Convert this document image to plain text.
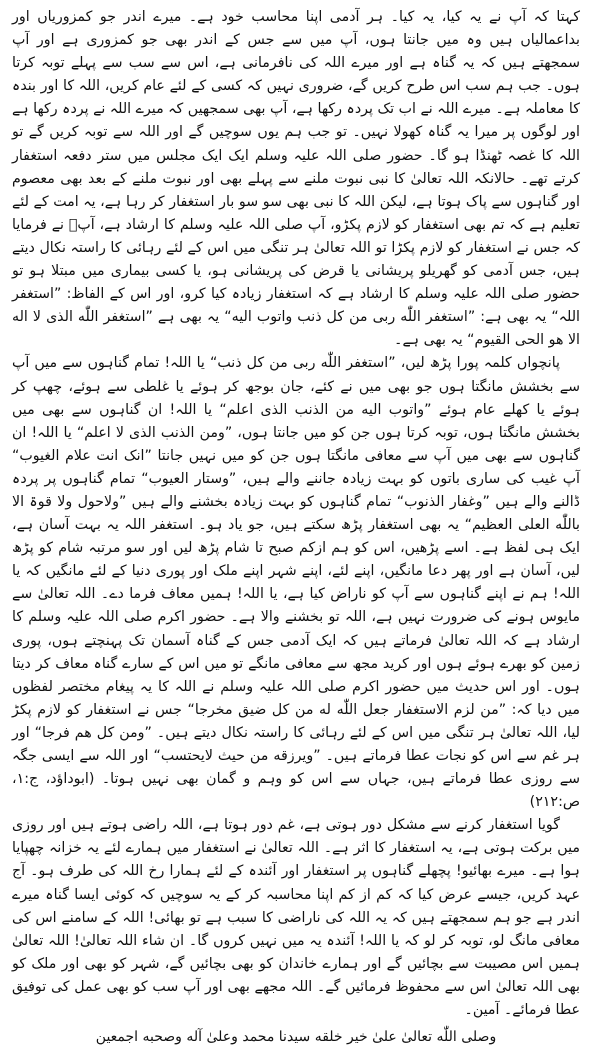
کہتا کہ آپ نے یہ کیا، یہ کیا۔ ہر آدمی اپنا محاسب خود ہے۔ میرے اندر جو کمزوریاں اور بداعمالیاں ہیں وہ میں جانتا ہوں، آپ میں سے جس کے اندر بھی جو کمزوری ہے اور آپ سمجھتے ہیں کہ یہ گناہ ہے اور میرے اللہ کی نافرمانی ہے، اس سے سب سے پہلے توبہ کرتا ہوں۔ جب ہم سب اس طرح کریں گے، ضروری نہیں کہ کسی کے لئے عام کریں، اللہ کا اور بندہ کا معاملہ ہے۔ میرے اللہ نے اب تک پردہ رکھا ہے، آپ بھی سمجھیں کہ میرے اللہ نے پردہ رکھا ہے اور لوگوں پر میرا یہ گناہ کھولا نہیں۔ تو جب ہم یوں سوچیں گے اور اللہ سے توبہ کریں گے تو اللہ کا غصہ ٹھنڈا ہو گا۔ حضور صلی اللہ علیہ وسلم ایک ایک مجلس میں ستر دفعہ استغفار کرتے تھے۔ حالانکہ اللہ تعالیٰ کا نبی نبوت ملنے سے پہلے بھی اور نبوت ملنے کے بعد بھی معصوم اور گناہوں سے پاک ہوتا ہے، لیکن اللہ کا نبی بھی سو سو بار استغفار کر رہا ہے، یہ امت کے لئے تعلیم ہے کہ تم بھی استغفار کو لازم پکڑو، آپ صلی اللہ علیہ وسلم کا ارشاد ہے، آپؐ نے فرمایا کہ جس نے استغفار کو لازم پکڑا تو اللہ تعالیٰ ہر تنگی میں اس کے لئے رہائی کا راستہ نکال دیتے ہیں، جس آدمی کو گھریلو پریشانی یا قرض کی پریشانی ہو، یا کسی بیماری میں مبتلا ہو تو حضور صلی اللہ علیہ وسلم کا ارشاد ہے کہ استغفار زیادہ کیا کرو، اور اس کے الفاظ: ”استغفر اللہ“ یہ بھی ہے: ”استغفر اللّٰه ربی من کل ذنب واتوب الیه“ یہ بھی ہے ”استغفر اللّٰه الذی لا اله الا هو الحی القیوم“ یہ بھی ہے۔

پانچواں کلمہ پورا پڑھ لیں، ”استغفر اللّٰه ربی من کل ذنب“ یا اللہ! تمام گناہوں سے میں آپ سے بخشش مانگتا ہوں جو بھی میں نے کئے، جان بوجھ کر ہوئے یا غلطی سے ہوئے، چھپ کر ہوئے یا کھلے عام ہوئے ”واتوب الیه من الذنب الذی اعلم“ یا اللہ! ان گناہوں سے بھی میں بخشش مانگتا ہوں، توبہ کرتا ہوں جن کو میں جانتا ہوں، ”ومن الذنب الذی لا اعلم“ یا اللہ! ان گناہوں سے بھی میں آپ سے معافی مانگتا ہوں جن کو میں نہیں جانتا ”انک انت علام الغیوب“ آپ غیب کی ساری باتوں کو بہت زیادہ جاننے والے ہیں، ”وستار العیوب“ تمام گناہوں پر پردہ ڈالنے والے ہیں ”وغفار الذنوب“ تمام گناہوں کو بہت زیادہ بخشنے والے ہیں ”ولاحول ولا قوۃ الا باللّٰه العلی العظیم“ یہ بھی استغفار پڑھ سکتے ہیں، جو یاد ہو۔ استغفر اللہ یہ بہت آسان ہے، ایک ہی لفظ ہے۔ اسے پڑھیں، اس کو ہم ازکم صبح تا شام پڑھ لیں اور سو مرتبہ شام کو پڑھ لیں، آسان ہے اور پھر دعا مانگیں، اپنے لئے، اپنے شہر اپنے ملک اور پوری دنیا کے لئے مانگیں کہ یا اللہ! ہم نے اپنے گناہوں سے آپ کو ناراض کیا ہے، یا اللہ! ہمیں معاف فرما دے۔ اللہ تعالیٰ سے مایوس ہونے کی ضرورت نہیں ہے، اللہ تو بخشنے والا ہے۔ حضور اکرم صلی اللہ علیہ وسلم کا ارشاد ہے کہ اللہ تعالیٰ فرماتے ہیں کہ ایک آدمی جس کے گناہ آسمان تک پہنچتے ہوں، پوری زمین کو بھرے ہوئے ہوں اور کرید مجھ سے معافی مانگے تو میں اس کے سارے گناہ معاف کر دیتا ہوں۔ اور اس حدیث میں حضور اکرم صلی اللہ علیہ وسلم نے اللہ کا یہ پیغام مختصر لفظوں میں دیا کہ: ”من لزم الاستغفار جعل اللّٰه له من کل ضیق مخرجا“ جس نے استغفار کو لازم پکڑ لیا، اللہ تعالیٰ ہر تنگی میں اس کے لئے رہائی کا راستہ نکال دیتے ہیں۔ ”ومن کل هم فرجا“ اور ہر غم سے اس کو نجات عطا فرماتے ہیں۔ ”ویرزقه من حیث لایحتسب“ اور اللہ سے ایسی جگہ سے روزی عطا فرماتے ہیں، جہاں سے اس کو وہم و گمان بھی نہیں ہوتا۔ (ابوداؤد، ج:۱، ص:۲۱۲)

گویا استغفار کرنے سے مشکل دور ہوتی ہے، غم دور ہوتا ہے، اللہ راضی ہوتے ہیں اور روزی میں برکت ہوتی ہے، یہ استغفار کا اثر ہے۔ اللہ تعالیٰ نے استغفار میں ہمارے لئے یہ خزانہ چھپایا ہوا ہے۔ میرے بھائیو! پچھلے گناہوں پر استغفار اور آئندہ کے لئے ہمارا رخ اللہ کی طرف ہو۔ آج عہد کریں، جیسے عرض کیا کہ کم از کم اپنا محاسبہ کر کے یہ سوچیں کہ کوئی ایسا گناہ میرے اندر ہے جو ہم سمجھتے ہیں کہ یہ اللہ کی ناراضی کا سبب ہے تو بھائی! اللہ کے سامنے اس کی معافی مانگ لو، توبہ کر لو کہ یا اللہ! آئندہ یہ میں نہیں کروں گا۔ ان شاء اللہ تعالیٰ! اللہ تعالیٰ ہمیں اس مصیبت سے بچائیں گے اور ہمارے خاندان کو بھی بچائیں گے، شہر کو بھی اور ملک کو بھی اللہ تعالیٰ اس سے محفوظ فرمائیں گے۔ اللہ مجھے بھی اور آپ سب کو بھی عمل کی توفیق عطا فرمائے۔ آمین۔

وصلی اللّٰه تعالیٰ علیٰ خیر خلقه سیدنا محمد وعلیٰ آله وصحبه اجمعین
